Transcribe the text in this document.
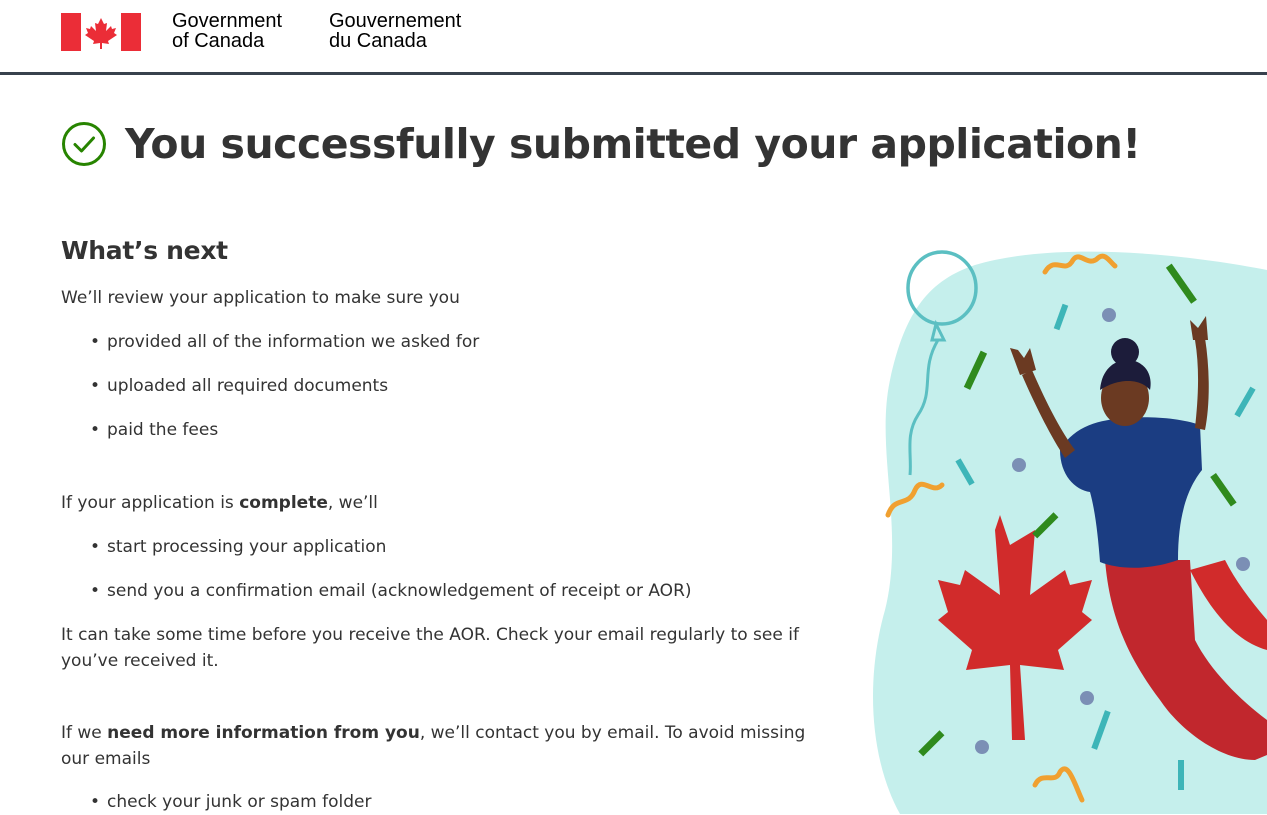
Government
of Canada
Gouvernement
du Canada
You successfully submitted your application!
What’s next

We’ll review your application to make sure you

• provided all of the information we asked for

• uploaded all required documents

• paid the fees

If your application is complete, we’ll

• start processing your application

• send you a confirmation email (acknowledgement of receipt or AOR)

It can take some time before you receive the AOR. Check your email regularly to see if you’ve received it.

If we need more information from you, we’ll contact you by email. To avoid missing our emails

• check your junk or spam folder
